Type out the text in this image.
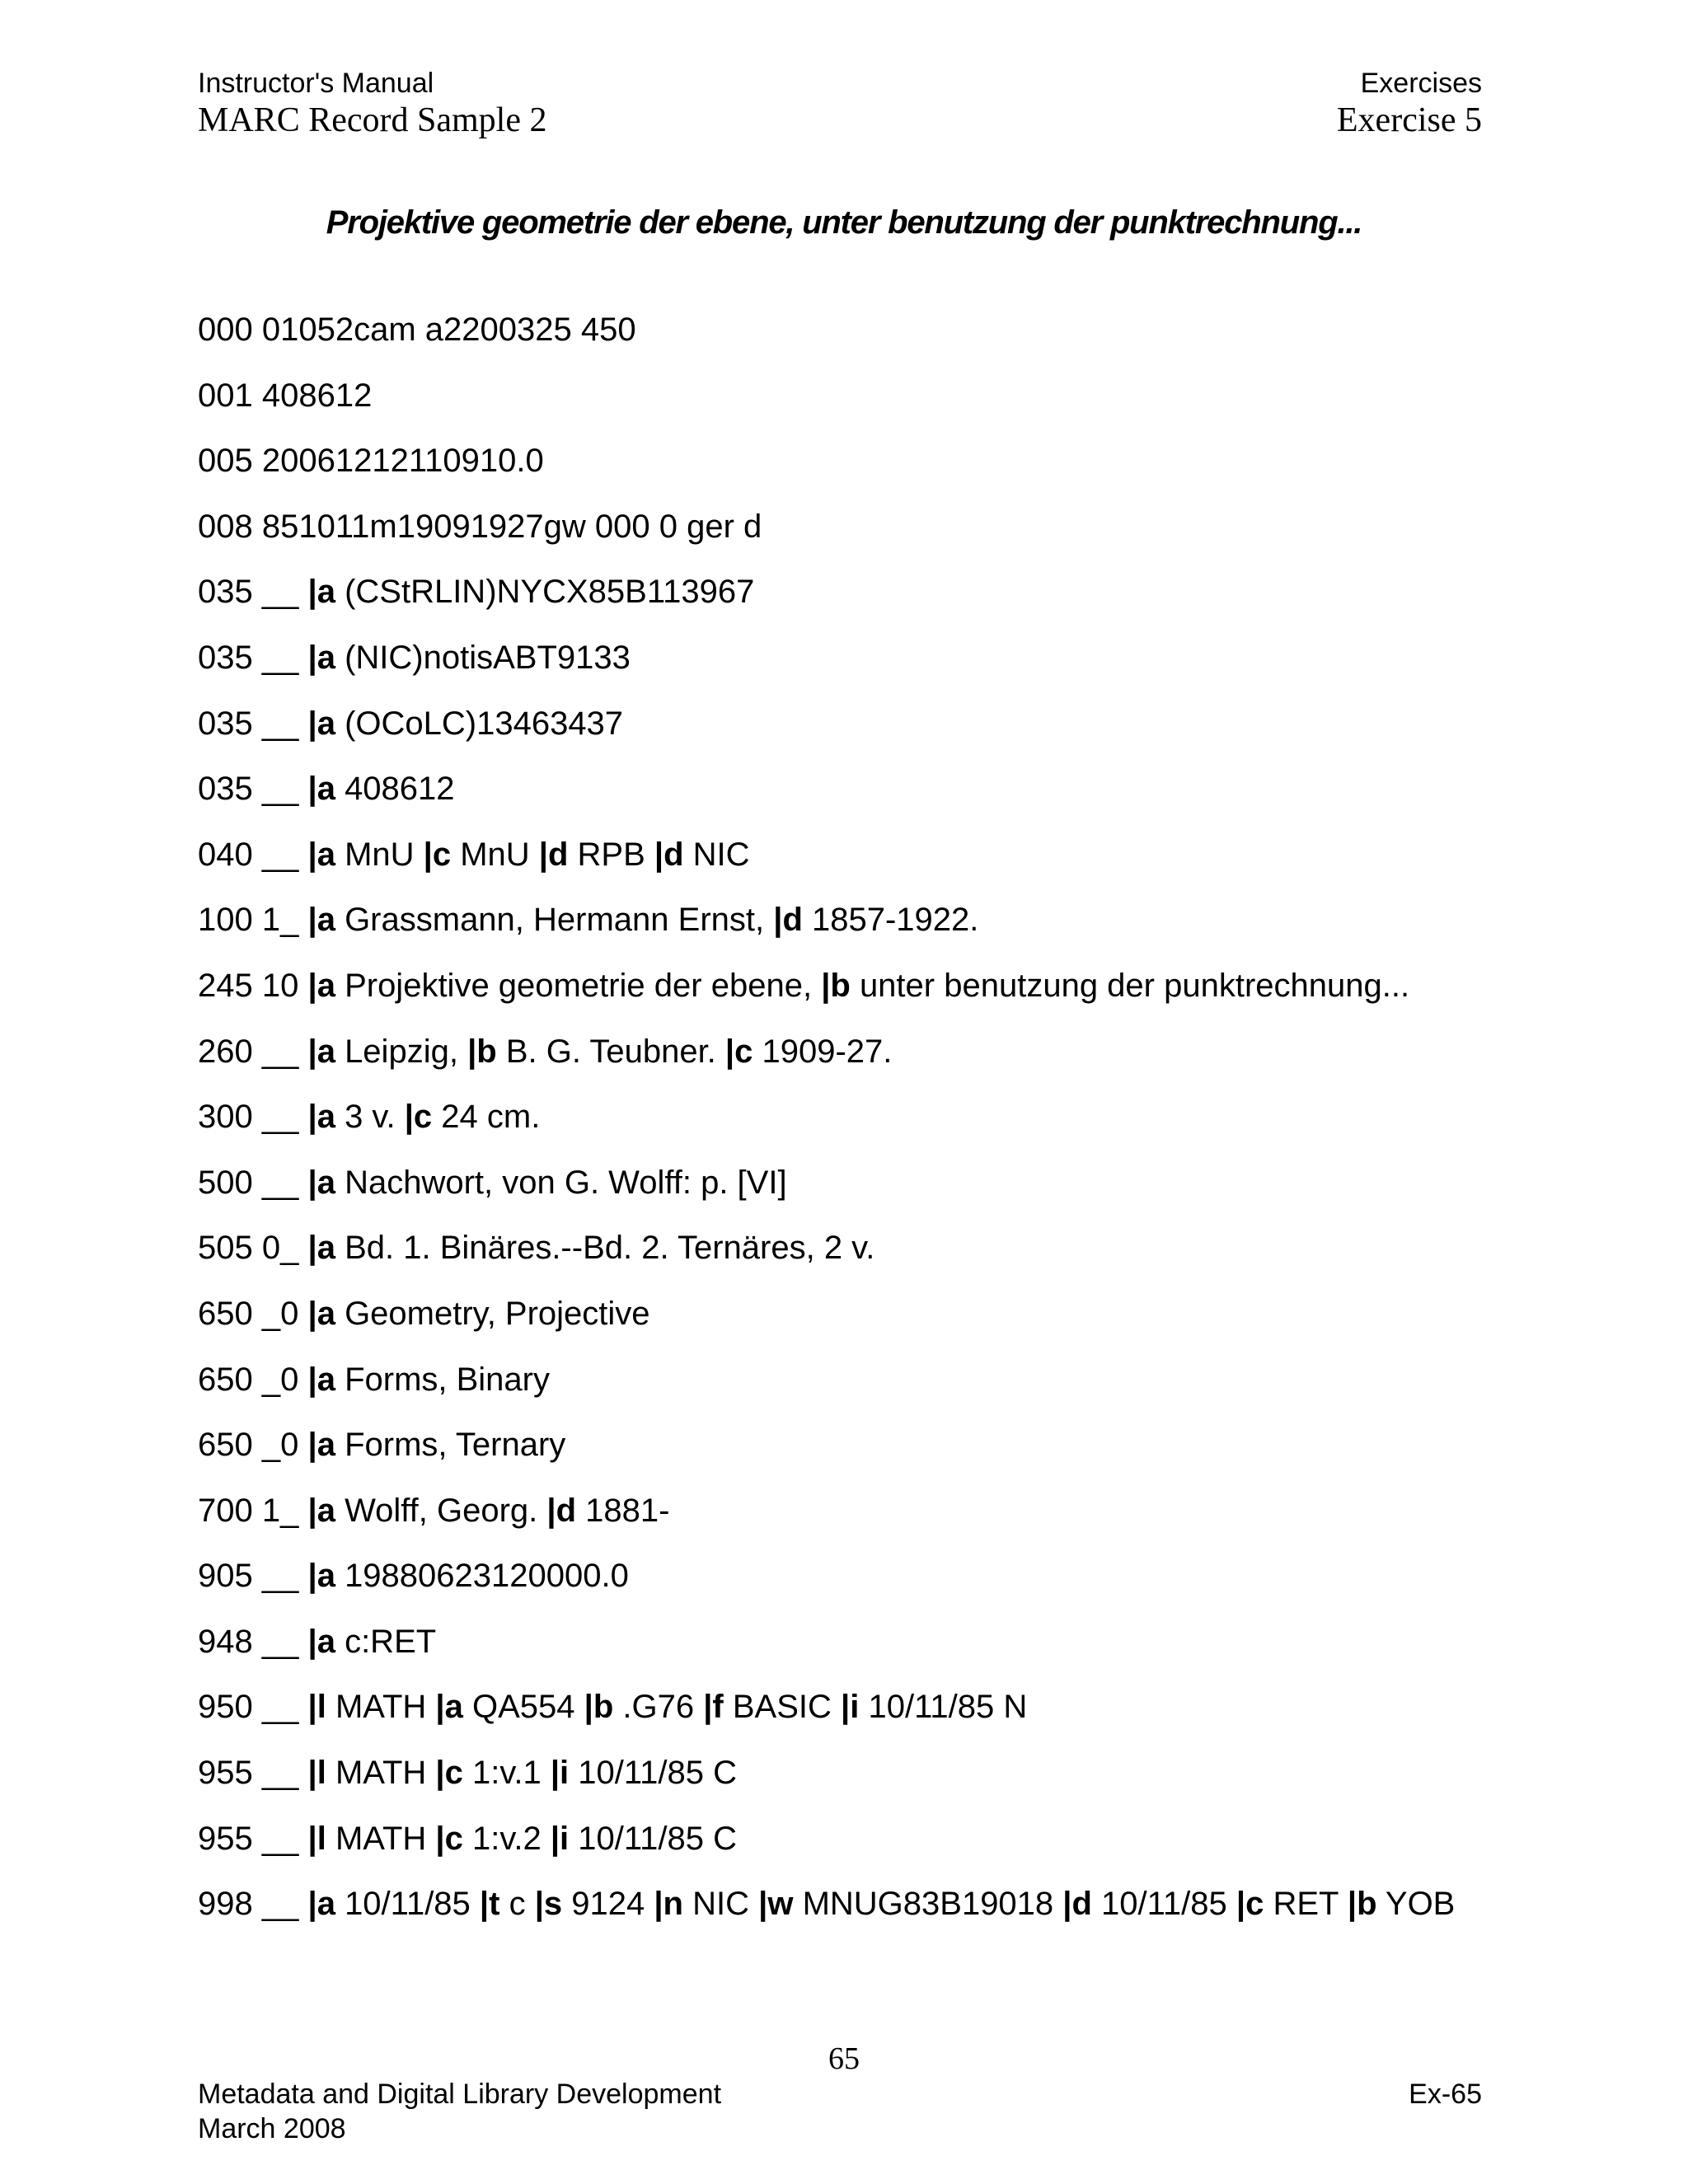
Instructor's Manual
MARC Record Sample 2
Exercises
Exercise 5
Projektive geometrie der ebene, unter benutzung der punktrechnung...
000 01052cam a2200325 450
001 408612
005 20061212110910.0
008 851011m19091927gw 000 0 ger d
035 __ |a (CStRLIN)NYCX85B113967
035 __ |a (NIC)notisABT9133
035 __ |a (OCoLC)13463437
035 __ |a 408612
040 __ |a MnU |c MnU |d RPB |d NIC
100 1_ |a Grassmann, Hermann Ernst, |d 1857-1922.
245 10 |a Projektive geometrie der ebene, |b unter benutzung der punktrechnung...
260 __ |a Leipzig, |b B. G. Teubner. |c 1909-27.
300 __ |a 3 v. |c 24 cm.
500 __ |a Nachwort, von G. Wolff: p. [VI]
505 0_ |a Bd. 1. Binäres.--Bd. 2. Ternäres, 2 v.
650 _0 |a Geometry, Projective
650 _0 |a Forms, Binary
650 _0 |a Forms, Ternary
700 1_ |a Wolff, Georg. |d 1881-
905 __ |a 19880623120000.0
948 __ |a c:RET
950 __ |l MATH |a QA554 |b .G76 |f BASIC |i 10/11/85 N
955 __ |l MATH |c 1:v.1 |i 10/11/85 C
955 __ |l MATH |c 1:v.2 |i 10/11/85 C
998 __ |a 10/11/85 |t c |s 9124 |n NIC |w MNUG83B19018 |d 10/11/85 |c RET |b YOB
65
Metadata and Digital Library Development
March 2008
Ex-65
